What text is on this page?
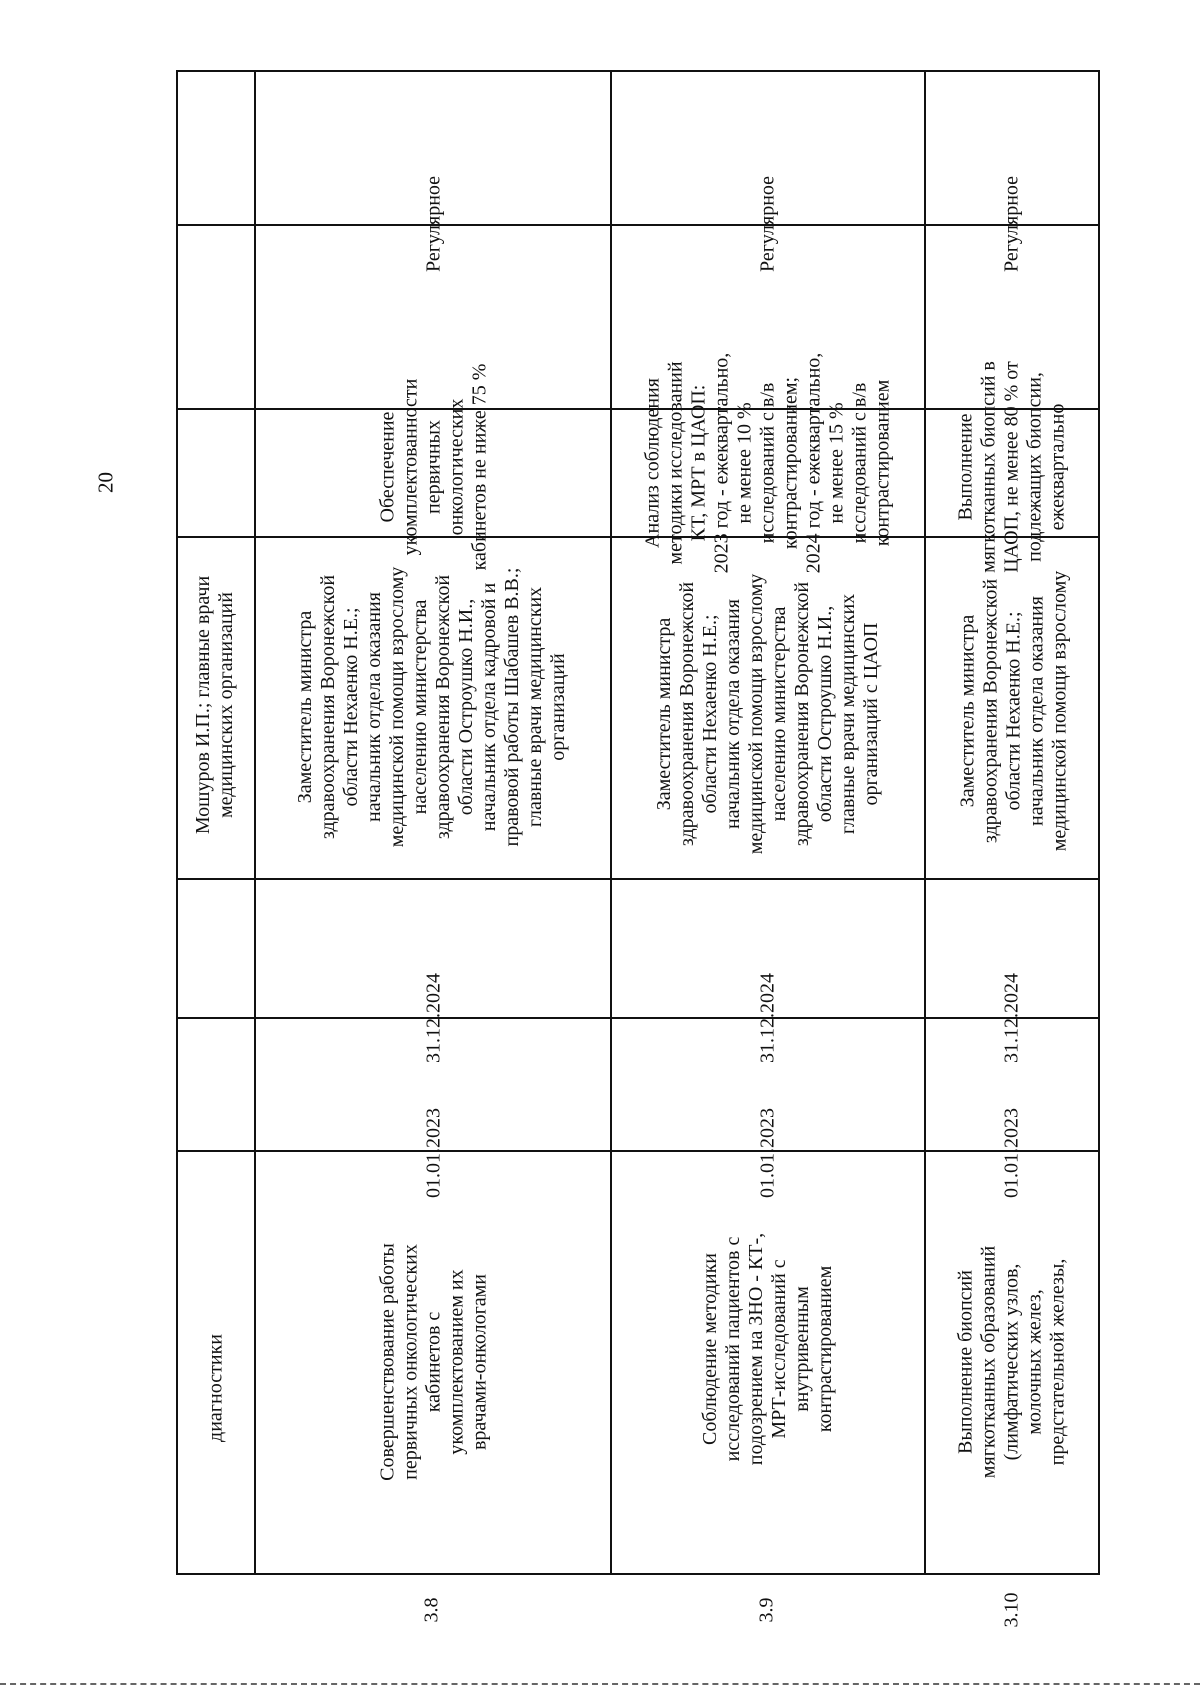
20
диагностики
Мошуров И.П.; главные врачи медицинских организаций
3.8
Совершенствование работы первичных онкологических кабинетов с укомплектованием их врачами-онкологами
01.01.2023
31.12.2024
Заместитель министра здравоохранения Воронежской области Нехаенко Н.Е.; начальник отдела оказания медицинской помощи взрослому населению министерства здравоохранения Воронежской области Остроушко Н.И., начальник отдела кадровой и правовой работы Шабашев В.В.; главные врачи медицинских организаций
Обеспечение укомплектованности первичных онкологических кабинетов не ниже 75 %
Регулярное
3.9
Соблюдение методики исследований пациентов с подозрением на ЗНО - КТ-, МРТ-исследований с внутривенным контрастированием
01.01.2023
31.12.2024
Заместитель министра здравоохранения Воронежской области Нехаенко Н.Е.; начальник отдела оказания медицинской помощи взрослому населению министерства здравоохранения Воронежской области Остроушко Н.И., главные врачи медицинских организаций с ЦАОП
Анализ соблюдения методики исследований КТ, МРТ в ЦАОП: 2023 год - ежеквартально, не менее 10 % исследований с в/в контрастированием; 2024 год - ежеквартально, не менее 15 % исследований с в/в контрастированием
Регулярное
3.10
Выполнение биопсий мягкотканных образований (лимфатических узлов, молочных желез, предстательной железы,
01.01.2023
31.12.2024
Заместитель министра здравоохранения Воронежской области Нехаенко Н.Е.; начальник отдела оказания медицинской помощи взрослому
Выполнение мягкотканных биопсий в ЦАОП, не менее 80 % от подлежащих биопсии, ежеквартально
Регулярное
